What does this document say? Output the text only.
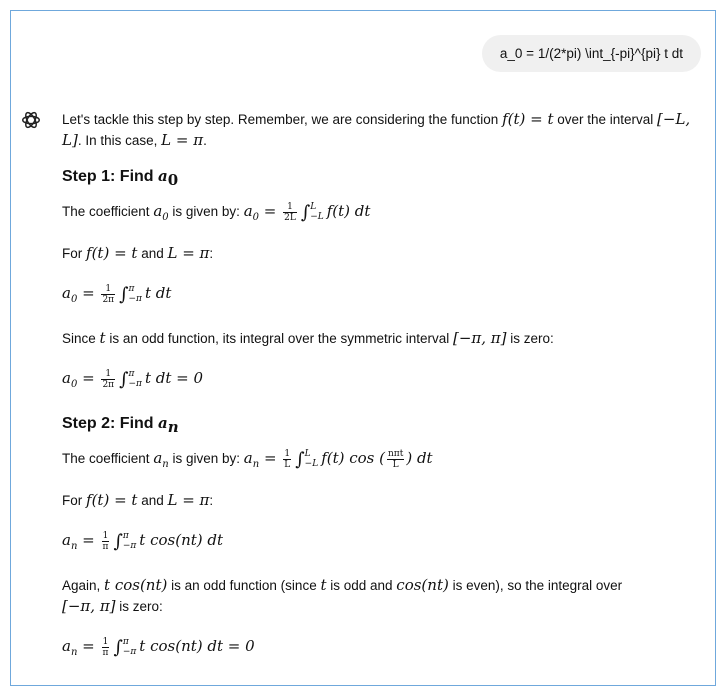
a_0 = 1/(2*pi) \int_{-pi}^{pi} t dt

Let's tackle this step by step. Remember, we are considering the function f(t) = t over the interval [−L, L]. In this case, L = π.

Step 1: Find $a_0$

The coefficient $a_0$ is given by: $a_0 = \frac{1}{2L}$ ∫ L
−L f(t) dt

For f(t) = t and L = π:

$a_0 = \frac{1}{2\pi}$ ∫ π
−π t dt

Since t is an odd function, its integral over the symmetric interval [−π, π] is zero:

$a_0 = \frac{1}{2\pi}$ ∫ π
−π t dt = 0
Step 2: Find $a_n$

The coefficient $a_n$ is given by: $a_n = \frac{1}{L}$ ∫ L
−L f(t) cos ( $\frac{\text{nπt}}{L}$ ) dt

For f(t) = t and L = π:

$a_n = \frac{1}{\pi}$ ∫ π
−π t cos(nt) dt

Again, t cos(nt) is an odd function (since t is odd and cos(nt) is even), so the integral over
[−π, π] is zero:

$a_n = \frac{1}{\pi}$ ∫ π
−π t cos(nt) dt = 0
